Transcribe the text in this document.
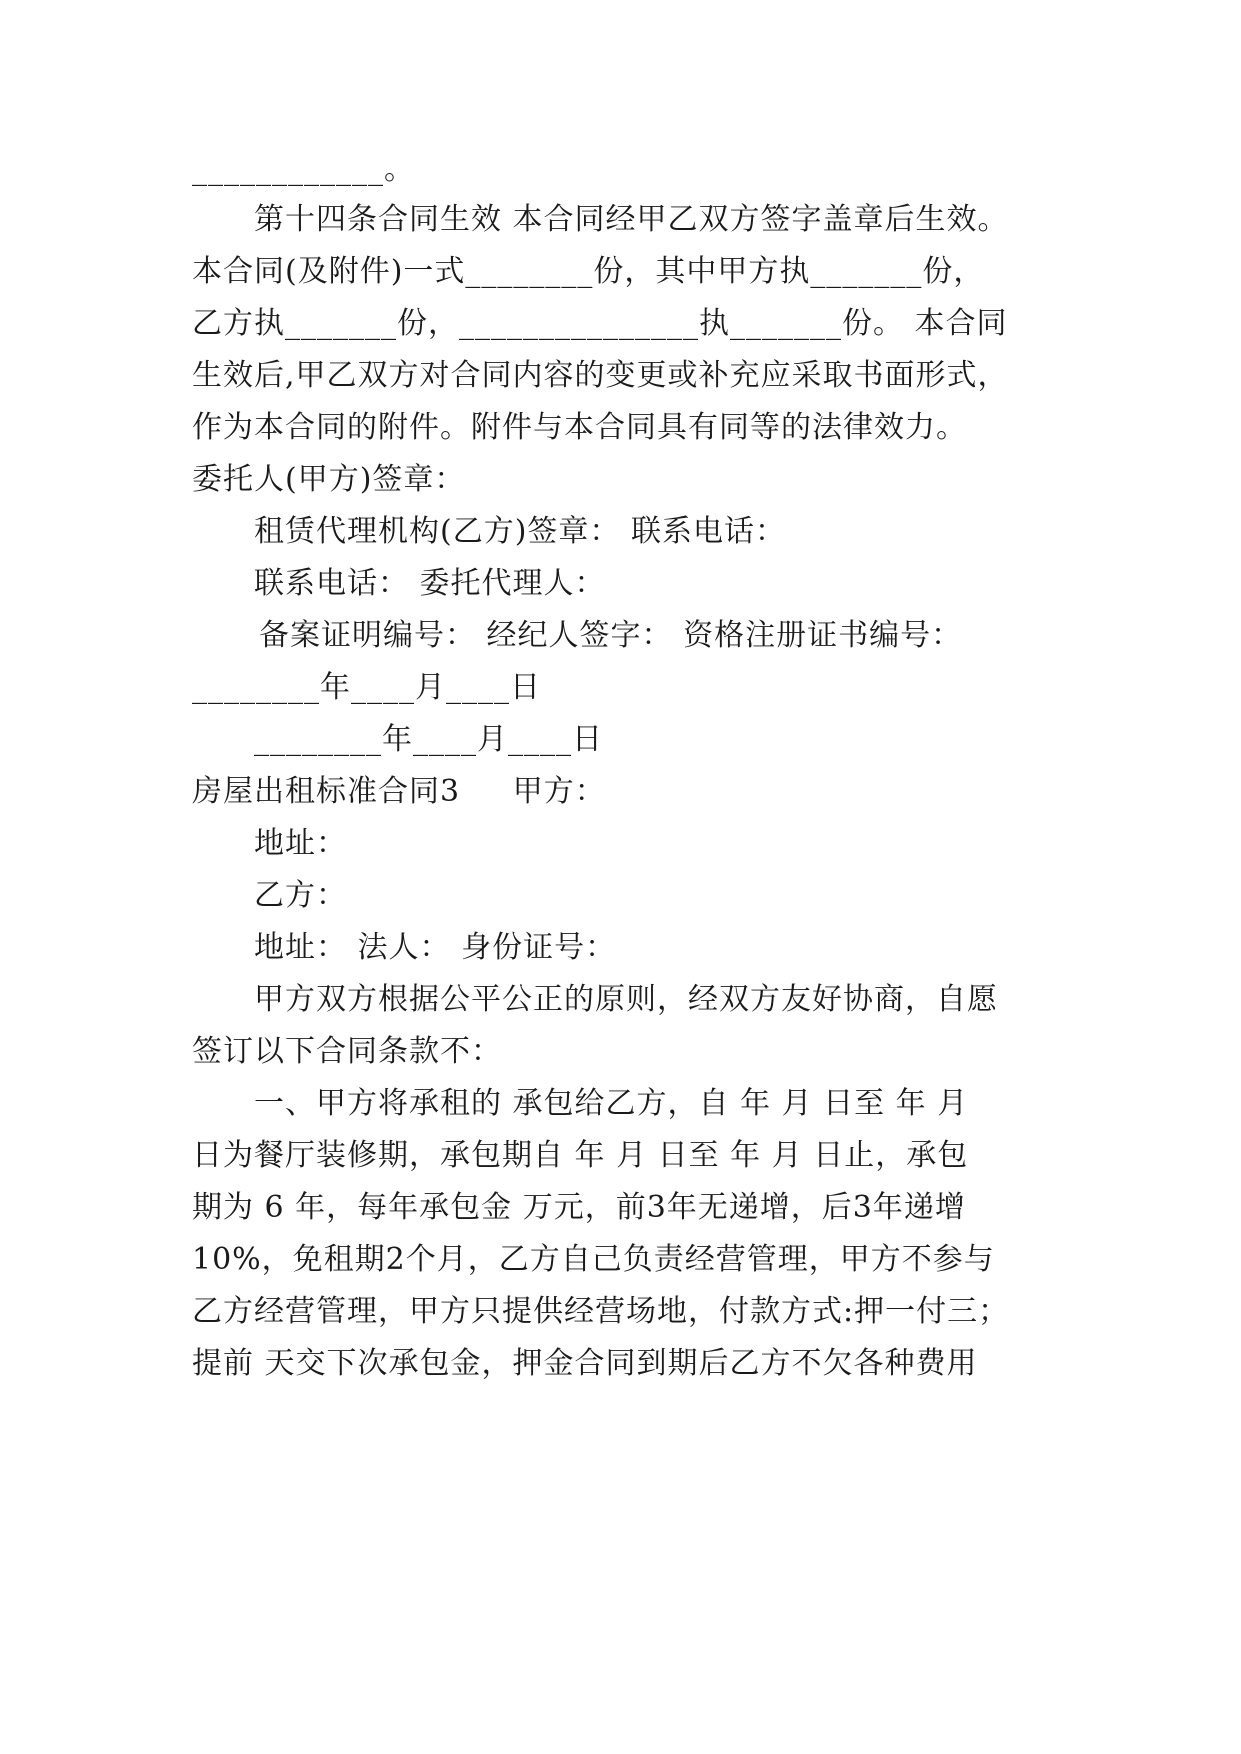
____________。
第十四条合同生效 本合同经甲乙双方签字盖章后生效。
本合同(及附件)一式________份，其中甲方执_______份，
乙方执_______份，_______________执_______份。 本合同
生效后,甲乙双方对合同内容的变更或补充应采取书面形式，
作为本合同的附件。附件与本合同具有同等的法律效力。
委托人(甲方)签章：
租赁代理机构(乙方)签章： 联系电话：
联系电话： 委托代理人：
备案证明编号： 经纪人签字： 资格注册证书编号：
________年____月____日
________年____月____日
房屋出租标准合同3     甲方：
地址：
乙方：
地址： 法人： 身份证号：
甲方双方根据公平公正的原则，经双方友好协商，自愿
签订以下合同条款不：
一、甲方将承租的 承包给乙方，自 年 月 日至 年 月
日为餐厅装修期，承包期自 年 月 日至 年 月 日止，承包
期为 6 年，每年承包金 万元，前3年无递增，后3年递增
10%，免租期2个月，乙方自己负责经营管理，甲方不参与
乙方经营管理，甲方只提供经营场地，付款方式:押一付三；
提前 天交下次承包金，押金合同到期后乙方不欠各种费用
